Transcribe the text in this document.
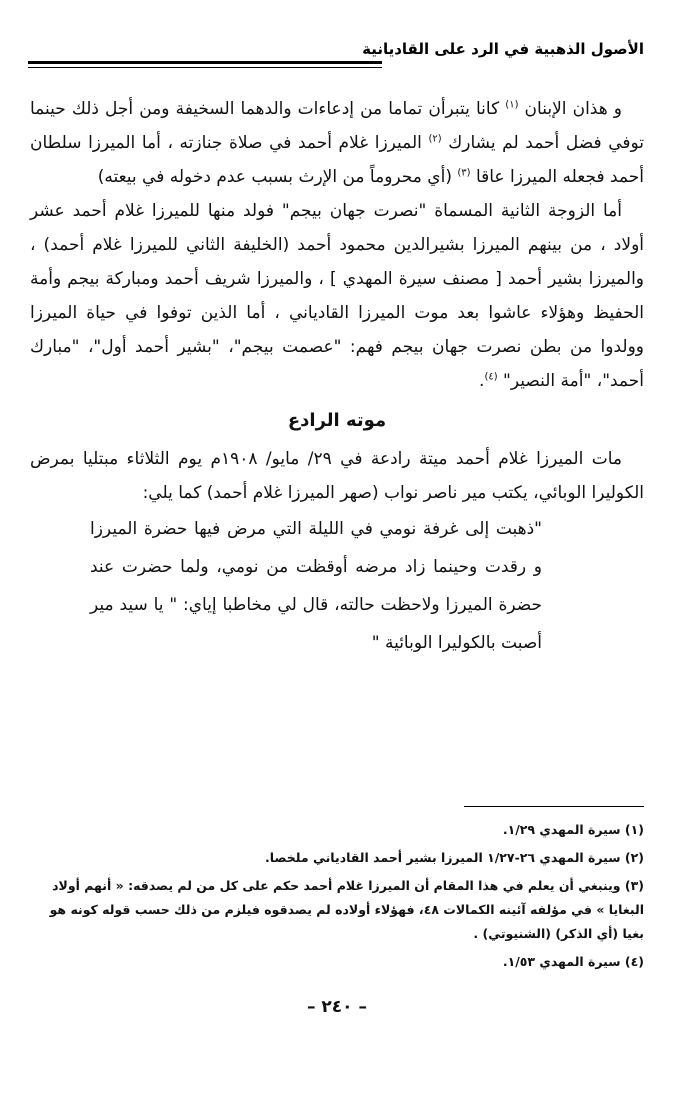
الأصول الذهبية في الرد على القاديانية

و هذان الإبنان $^{(١)}$ كانا يتبرأن تماما من إدعاءات والدهما السخيفة ومن أجل ذلك حينما توفي فضل أحمد لم يشارك $^{(٢)}$ الميرزا غلام أحمد في صلاة جنازته ، أما الميرزا سلطان أحمد فجعله الميرزا عاقا $^{(٣)}$ (أي محروماً من الإرث بسبب عدم دخوله في بيعته)

أما الزوجة الثانية المسماة "نصرت جهان بيجم" فولد منها للميرزا غلام أحمد عشر أولاد ، من بينهم الميرزا بشيرالدين محمود أحمد (الخليفة الثاني للميرزا غلام أحمد) ، والميرزا بشير أحمد [ مصنف سيرة المهدي ] ، والميرزا شريف أحمد ومباركة بيجم وأمة الحفيظ وهؤلاء عاشوا بعد موت الميرزا القادياني ، أما الذين توفوا في حياة الميرزا وولدوا من بطن نصرت جهان بيجم فهم: "عصمت بيجم"، "بشير أحمد أول"، "مبارك أحمد"، "أمة النصير" $^{(٤)}$.

موته الرادع

مات الميرزا غلام أحمد ميتة رادعة في ٢٩/ مايو/ ١٩٠٨م يوم الثلاثاء مبتليا بمرض الكوليرا الوبائي، يكتب مير ناصر نواب (صهر الميرزا غلام أحمد) كما يلي:

"ذهبت إلى غرفة نومي في الليلة التي مرض فيها حضرة الميرزا و رقدت وحينما زاد مرضه أوقظت من نومي، ولما حضرت عند حضرة الميرزا ولاحظت حالته، قال لي مخاطبا إياي: " يا سيد مير أصبت بالكوليرا الوبائية "

(١) سيرة المهدي ١/٢٩.

(٢) سيرة المهدي ٢٦-١/٢٧ الميرزا بشير أحمد القادياني ملخصا.

(٣) وينبغي أن يعلم في هذا المقام أن الميرزا غلام أحمد حكم على كل من لم يصدقه: « أنهم أولاد البغايا » في مؤلفه آئينه الكمالات ٤٨، فهؤلاء أولاده لم يصدقوه فيلزم من ذلك حسب قوله كونه هو بغيا (أي الذكر) (الشنيوتي) .

(٤) سيرة المهدي ١/٥٣.

– ٢٤٠ –
